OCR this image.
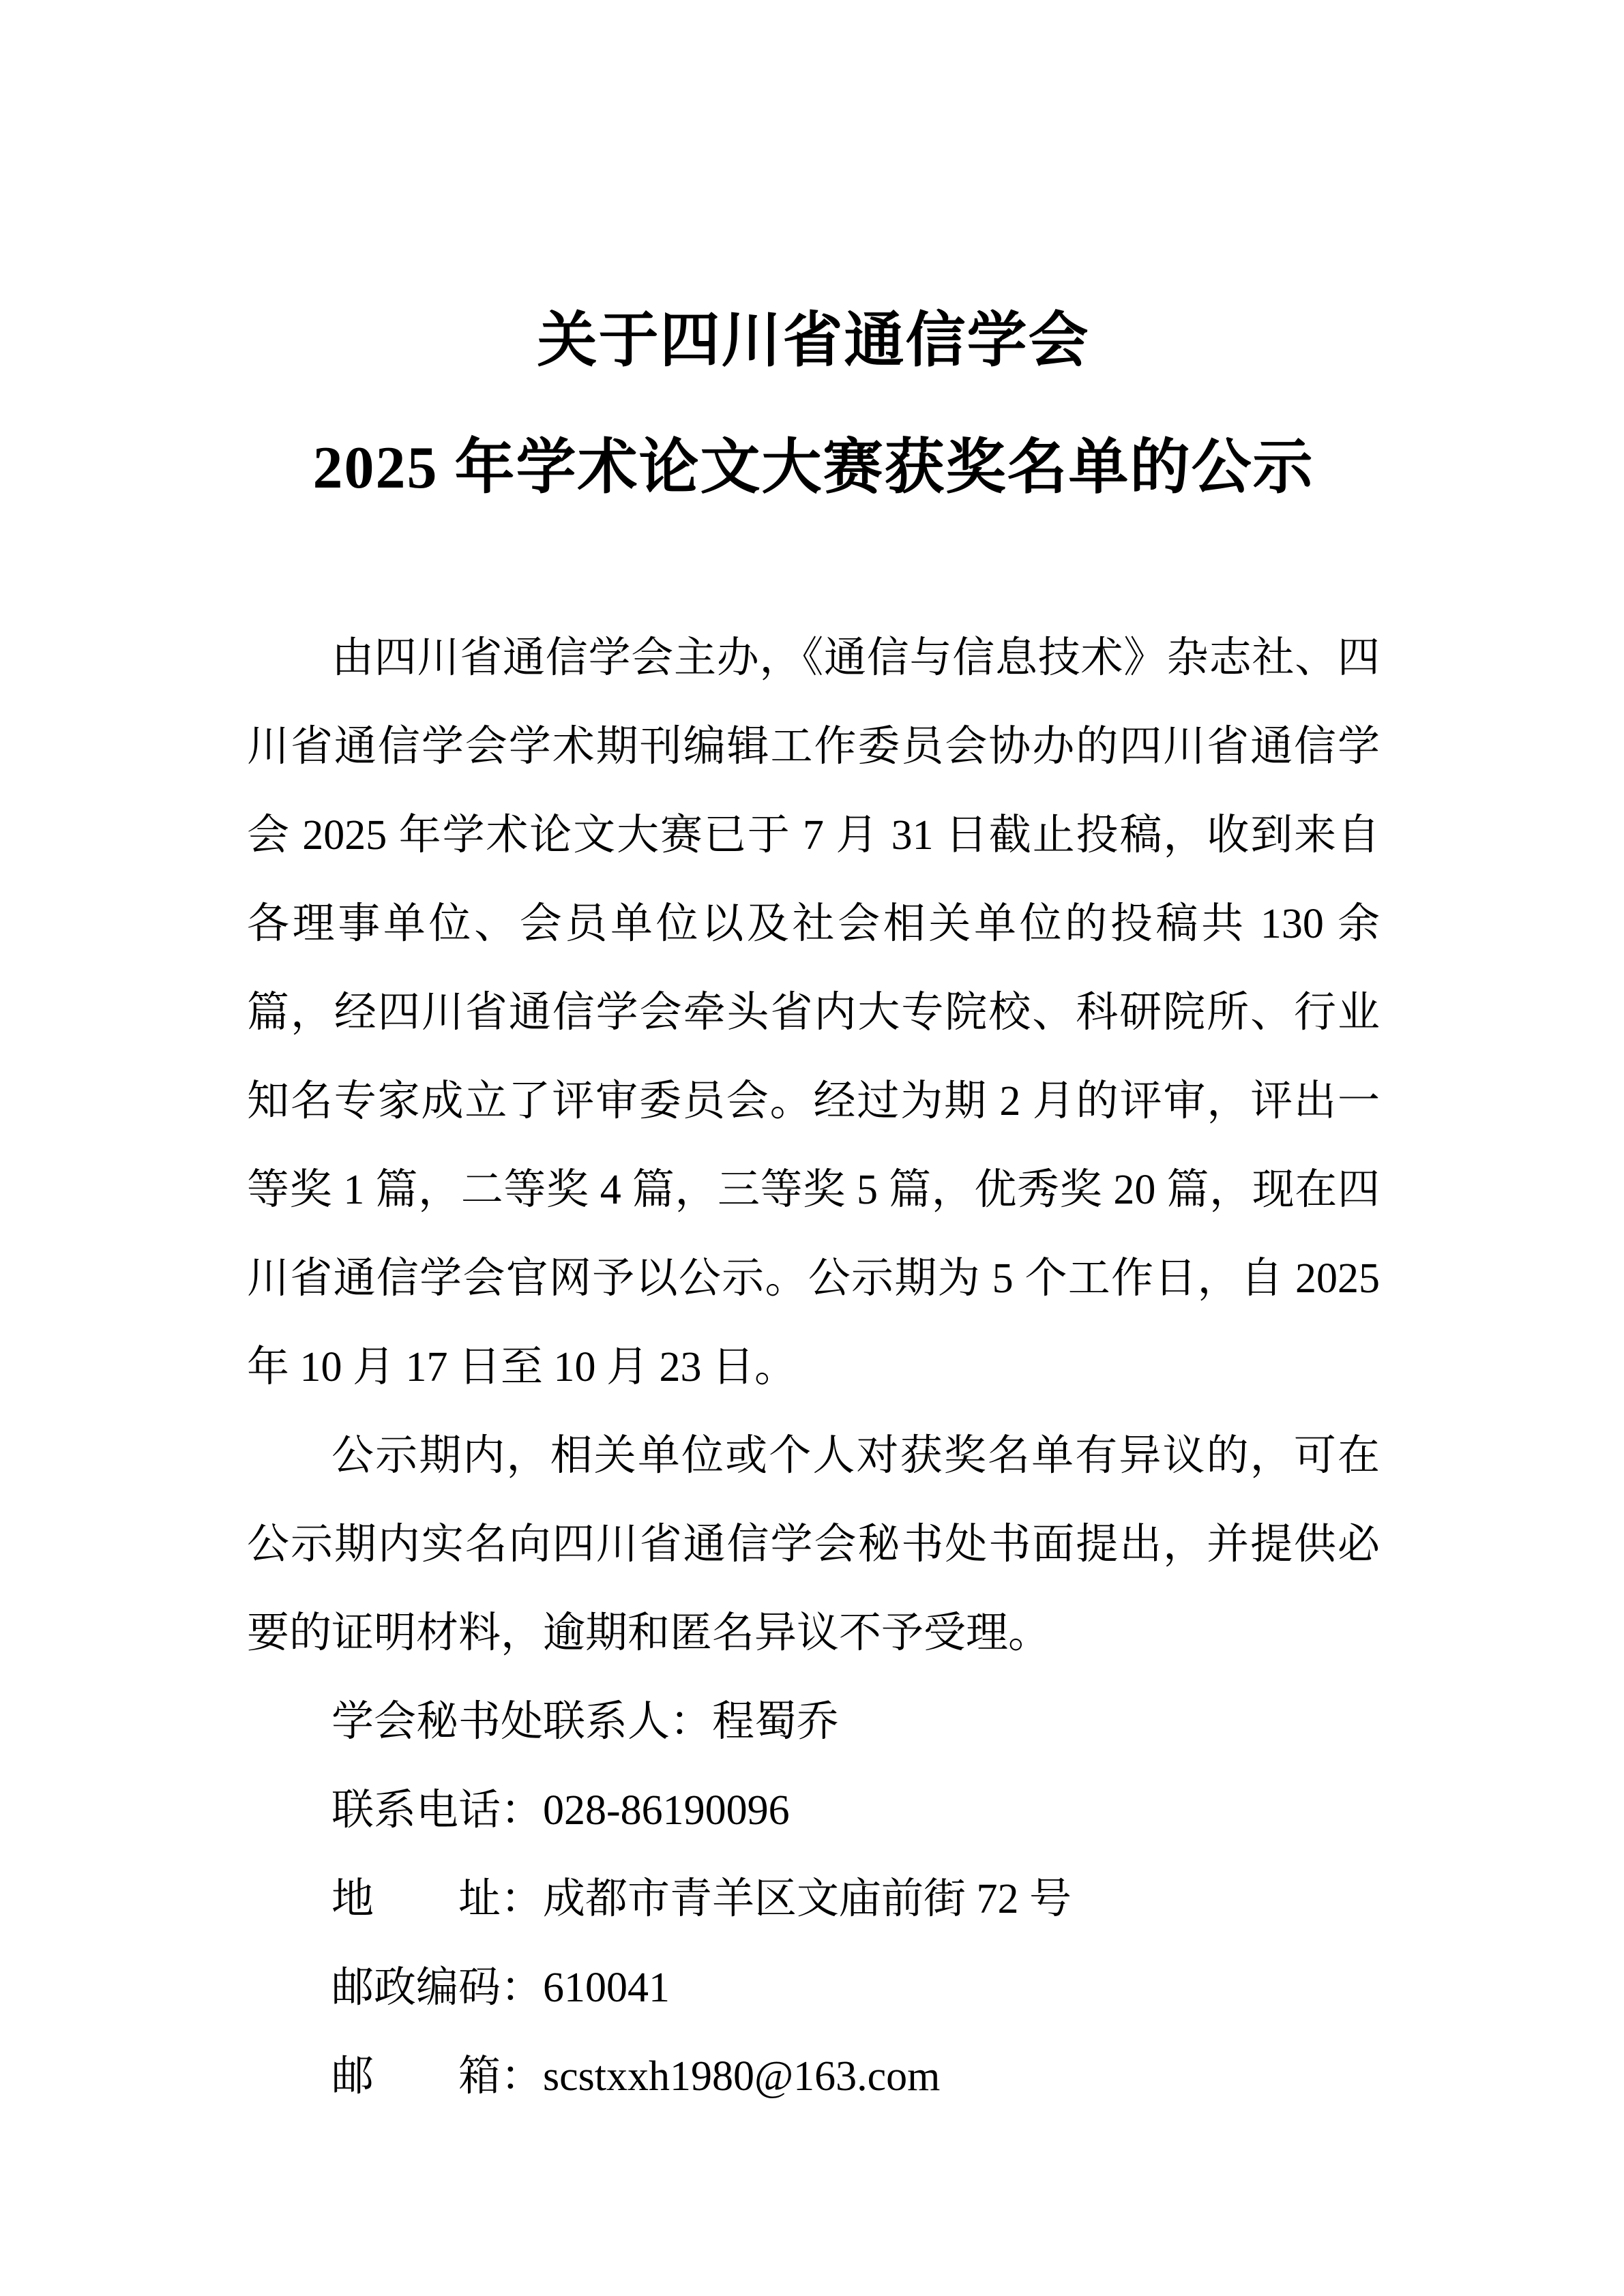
关于四川省通信学会
2025 年学术论文大赛获奖名单的公示

由四川省通信学会主办，《通信与信息技术》杂志社、四川省通信学会学术期刊编辑工作委员会协办的四川省通信学会 2025 年学术论文大赛已于 7 月 31 日截止投稿，收到来自各理事单位、会员单位以及社会相关单位的投稿共 130 余篇，经四川省通信学会牵头省内大专院校、科研院所、行业知名专家成立了评审委员会。经过为期 2 月的评审，评出一等奖 1 篇，二等奖 4 篇，三等奖 5 篇，优秀奖 20 篇，现在四川省通信学会官网予以公示。公示期为 5 个工作日，自 2025 年 10 月 17 日至 10 月 23 日。

公示期内，相关单位或个人对获奖名单有异议的，可在公示期内实名向四川省通信学会秘书处书面提出，并提供必要的证明材料，逾期和匿名异议不予受理。

学会秘书处联系人：程蜀乔

联系电话：028-86190096

地　　址：成都市青羊区文庙前街 72 号

邮政编码：610041

邮　　箱：scstxxh1980@163.com
